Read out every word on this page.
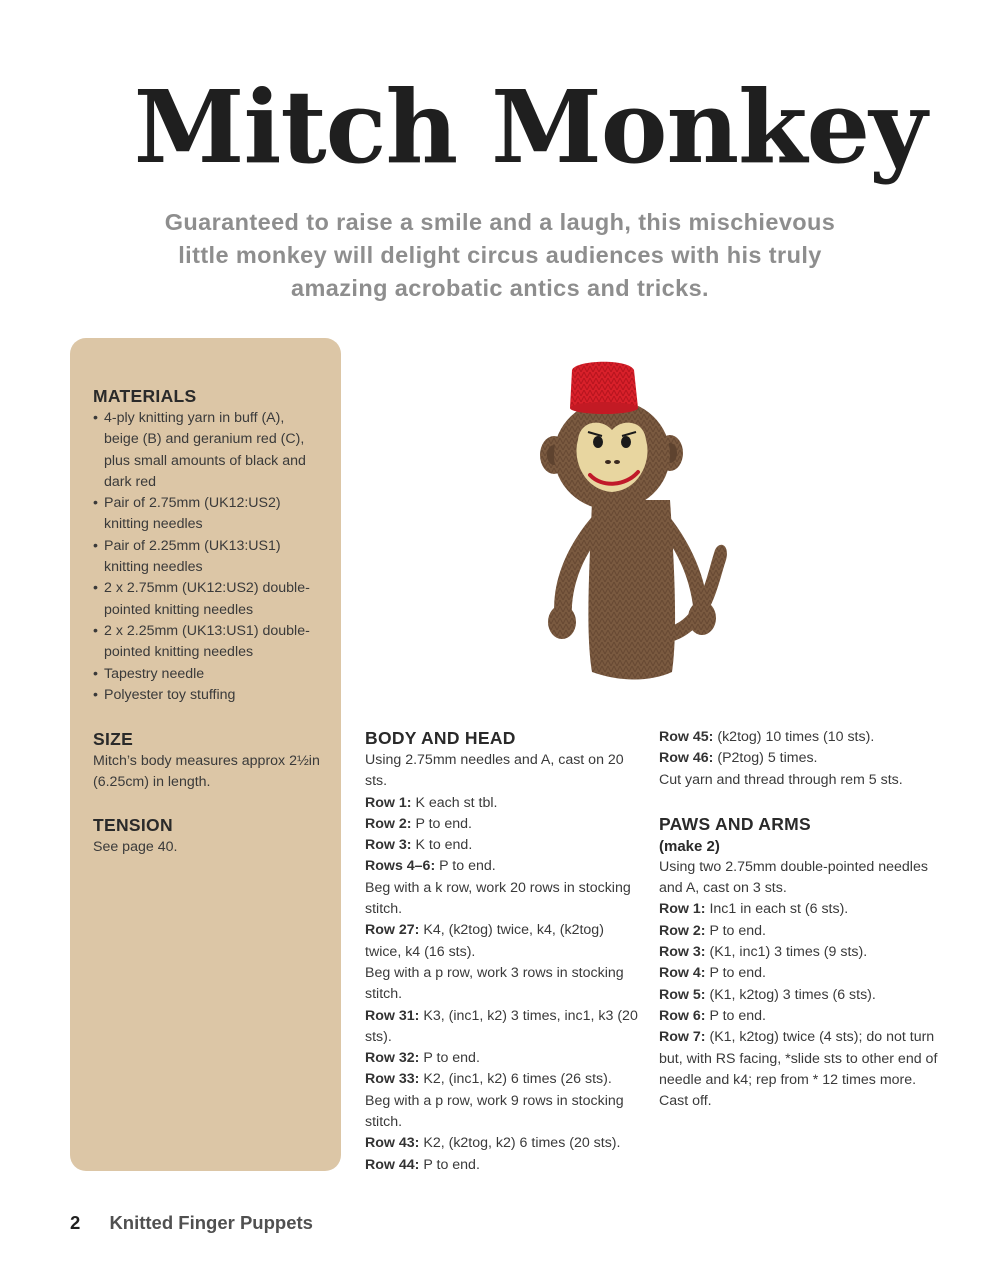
Mitch Monkey
Guaranteed to raise a smile and a laugh, this mischievous
little monkey will delight circus audiences with his truly
amazing acrobatic antics and tricks.
MATERIALS
• 4-ply knitting yarn in buff (A), beige (B) and geranium red (C), plus small amounts of black and dark red
• Pair of 2.75mm (UK12:US2) knitting needles
• Pair of 2.25mm (UK13:US1) knitting needles
• 2 x 2.75mm (UK12:US2) double-pointed knitting needles
• 2 x 2.25mm (UK13:US1) double-pointed knitting needles
• Tapestry needle
• Polyester toy stuffing
SIZE

Mitch’s body measures approx 2½in (6.25cm) in length.

TENSION

See page 40.

BODY AND HEAD

Using 2.75mm needles and A, cast on 20 sts.

Row 1: K each st tbl.

Row 2: P to end.

Row 3: K to end.

Rows 4–6: P to end.

Beg with a k row, work 20 rows in stocking stitch.

Row 27: K4, (k2tog) twice, k4, (k2tog) twice, k4 (16 sts).

Beg with a p row, work 3 rows in stocking stitch.

Row 31: K3, (inc1, k2) 3 times, inc1, k3 (20 sts).

Row 32: P to end.

Row 33: K2, (inc1, k2) 6 times (26 sts).

Beg with a p row, work 9 rows in stocking stitch.

Row 43: K2, (k2tog, k2) 6 times (20 sts).

Row 44: P to end.

Row 45: (k2tog) 10 times (10 sts).

Row 46: (P2tog) 5 times.

Cut yarn and thread through rem 5 sts.

PAWS AND ARMS
(make 2)

Using two 2.75mm double-pointed needles and A, cast on 3 sts.

Row 1: Inc1 in each st (6 sts).

Row 2: P to end.

Row 3: (K1, inc1) 3 times (9 sts).

Row 4: P to end.

Row 5: (K1, k2tog) 3 times (6 sts).

Row 6: P to end.

Row 7: (K1, k2tog) twice (4 sts); do not turn but, with RS facing, *slide sts to other end of needle and k4; rep from * 12 times more. Cast off.

2 Knitted Finger Puppets
